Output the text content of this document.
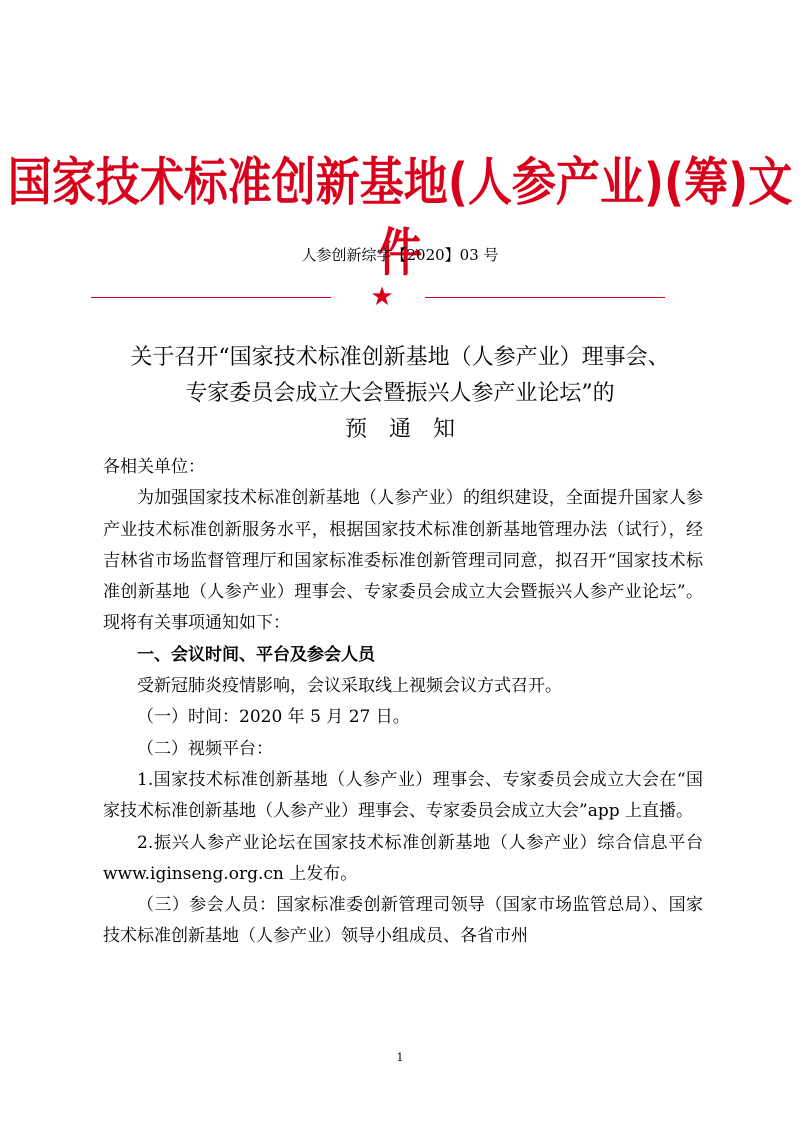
国家技术标准创新基地(人参产业)(筹)文件
人参创新综字【2020】03 号
★
关于召开“国家技术标准创新基地（人参产业）理事会、
专家委员会成立大会暨振兴人参产业论坛”的
预通知

各相关单位：

为加强国家技术标准创新基地（人参产业）的组织建设，全面提升国家人参产业技术标准创新服务水平，根据国家技术标准创新基地管理办法（试行），经吉林省市场监督管理厅和国家标准委标准创新管理司同意，拟召开“国家技术标准创新基地（人参产业）理事会、专家委员会成立大会暨振兴人参产业论坛”。现将有关事项通知如下：

一、会议时间、平台及参会人员

受新冠肺炎疫情影响，会议采取线上视频会议方式召开。

（一）时间：2020 年 5 月 27 日。

（二）视频平台：

1.国家技术标准创新基地（人参产业）理事会、专家委员会成立大会在“国家技术标准创新基地（人参产业）理事会、专家委员会成立大会”app 上直播。

2.振兴人参产业论坛在国家技术标准创新基地（人参产业）综合信息平台 www.iginseng.org.cn 上发布。

（三）参会人员：国家标准委创新管理司领导（国家市场监管总局）、国家技术标准创新基地（人参产业）领导小组成员、各省市州

1
